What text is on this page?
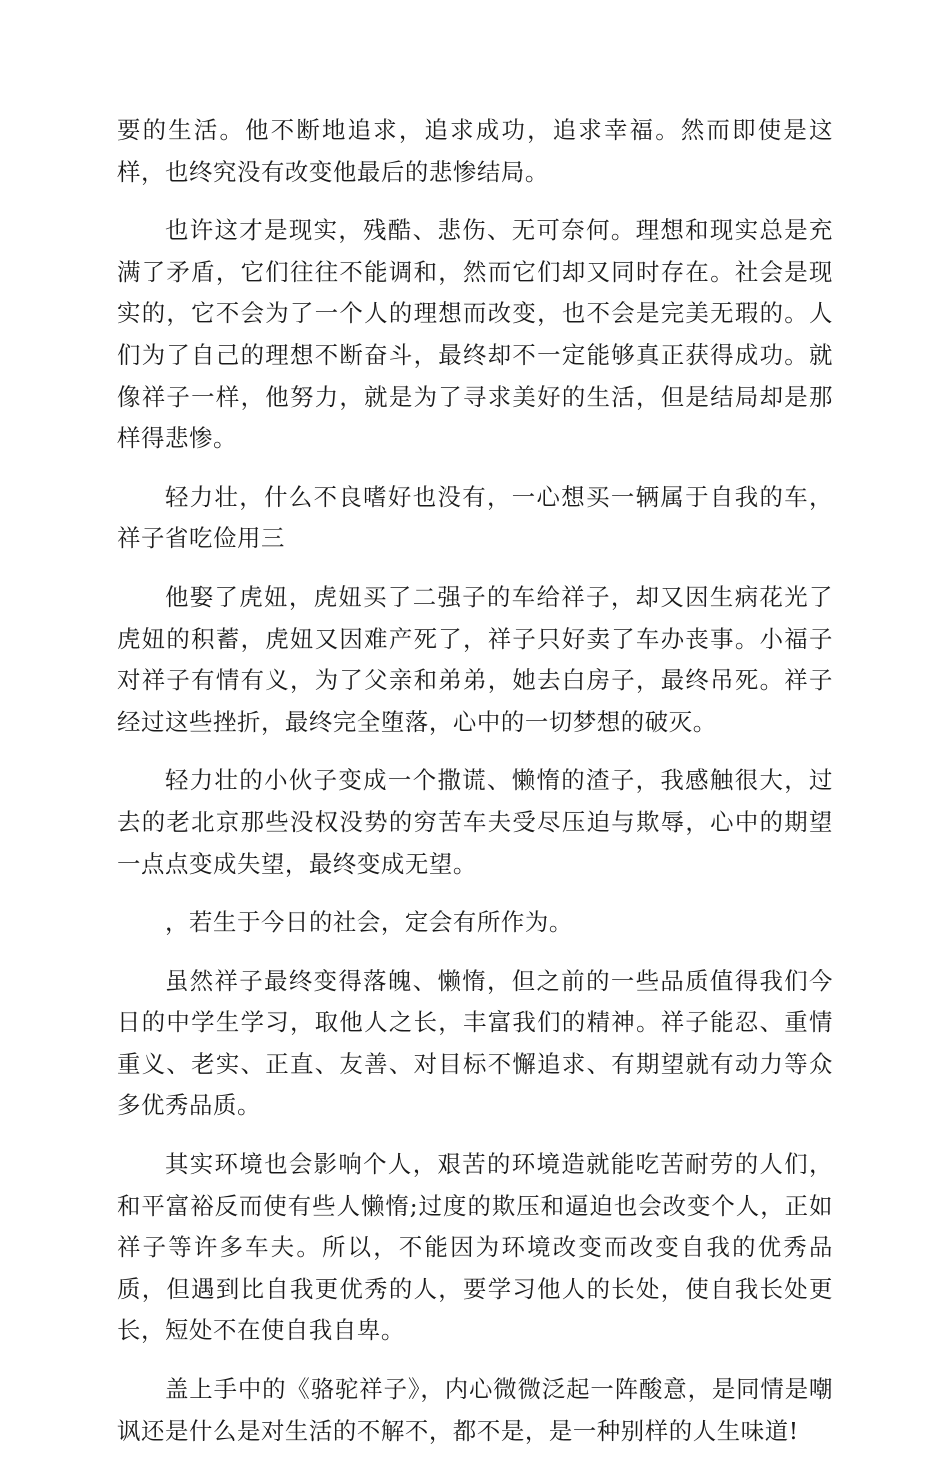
要的生活。他不断地追求，追求成功，追求幸福。然而即使是这样，也终究没有改变他最后的悲惨结局。

也许这才是现实，残酷、悲伤、无可奈何。理想和现实总是充满了矛盾，它们往往不能调和，然而它们却又同时存在。社会是现实的，它不会为了一个人的理想而改变，也不会是完美无瑕的。人们为了自己的理想不断奋斗，最终却不一定能够真正获得成功。就像祥子一样，他努力，就是为了寻求美好的生活，但是结局却是那样得悲惨。

轻力壮，什么不良嗜好也没有，一心想买一辆属于自我的车，祥子省吃俭用三

他娶了虎妞，虎妞买了二强子的车给祥子，却又因生病花光了虎妞的积蓄，虎妞又因难产死了，祥子只好卖了车办丧事。小福子对祥子有情有义，为了父亲和弟弟，她去白房子，最终吊死。祥子经过这些挫折，最终完全堕落，心中的一切梦想的破灭。

轻力壮的小伙子变成一个撒谎、懒惰的渣子，我感触很大，过去的老北京那些没权没势的穷苦车夫受尽压迫与欺辱，心中的期望一点点变成失望，最终变成无望。

，若生于今日的社会，定会有所作为。

虽然祥子最终变得落魄、懒惰，但之前的一些品质值得我们今日的中学生学习，取他人之长，丰富我们的精神。祥子能忍、重情重义、老实、正直、友善、对目标不懈追求、有期望就有动力等众多优秀品质。

其实环境也会影响个人，艰苦的环境造就能吃苦耐劳的人们，和平富裕反而使有些人懒惰;过度的欺压和逼迫也会改变个人，正如祥子等许多车夫。所以，不能因为环境改变而改变自我的优秀品质，但遇到比自我更优秀的人，要学习他人的长处，使自我长处更长，短处不在使自我自卑。

盖上手中的《骆驼祥子》，内心微微泛起一阵酸意，是同情是嘲讽还是什么是对生活的不解不，都不是，是一种别样的人生味道!
